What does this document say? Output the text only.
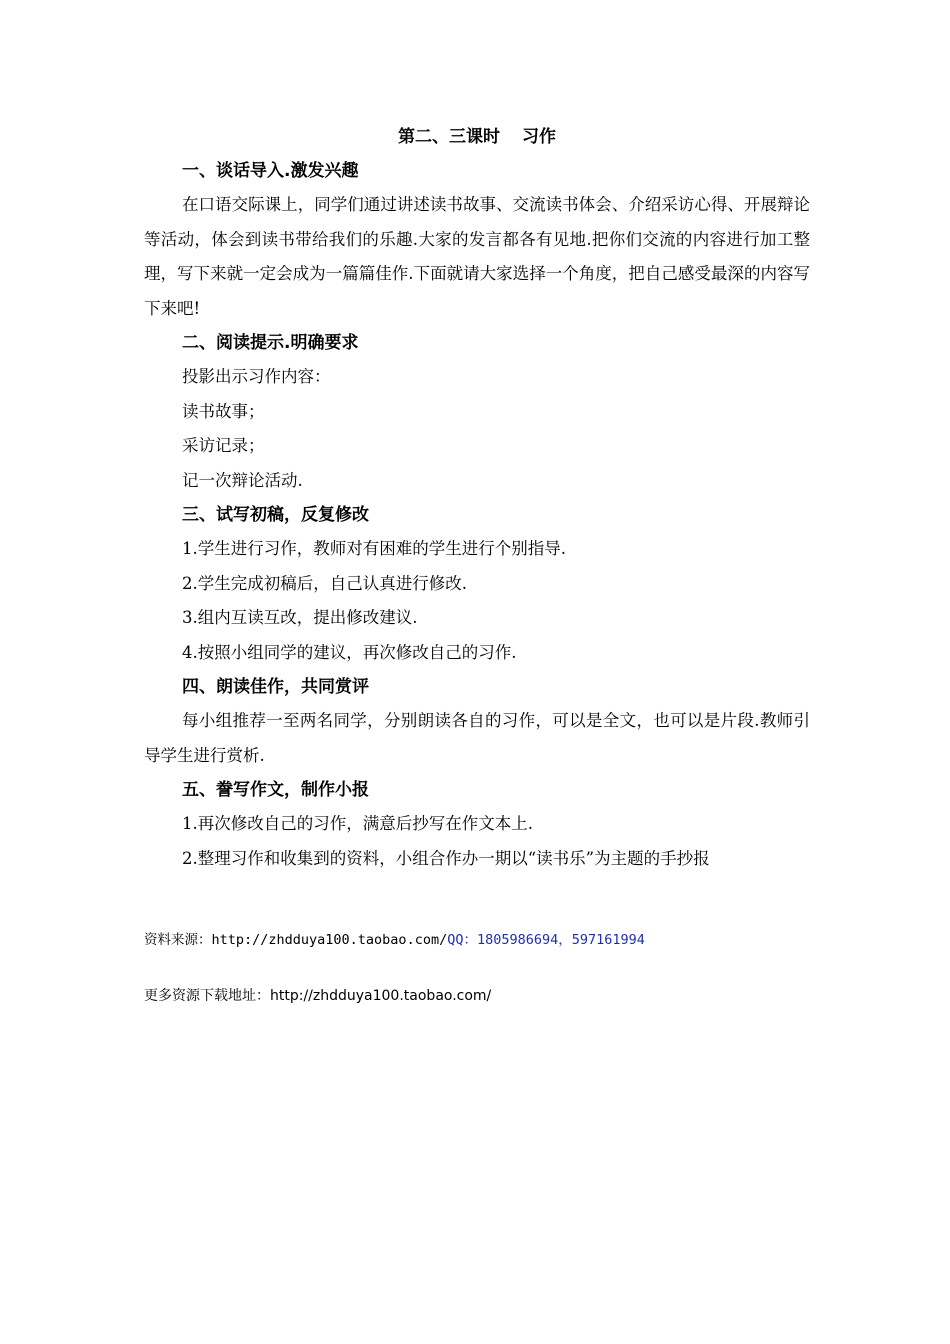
第二、三课时 习作
一、谈话导入.激发兴趣

在口语交际课上，同学们通过讲述读书故事、交流读书体会、介绍采访心得、开展辩论等活动，体会到读书带给我们的乐趣.大家的发言都各有见地.把你们交流的内容进行加工整理，写下来就一定会成为一篇篇佳作.下面就请大家选择一个角度，把自己感受最深的内容写下来吧!

二、阅读提示.明确要求
投影出示习作内容：
读书故事；
采访记录；
记一次辩论活动.
三、试写初稿，反复修改
1.学生进行习作，教师对有困难的学生进行个别指导.
2.学生完成初稿后，自己认真进行修改.
3.组内互读互改，提出修改建议.
4.按照小组同学的建议，再次修改自己的习作.
四、朗读佳作，共同赏评

每小组推荐一至两名同学，分别朗读各自的习作，可以是全文，也可以是片段.教师引导学生进行赏析.

五、誊写作文，制作小报
1.再次修改自己的习作，满意后抄写在作文本上.
2.整理习作和收集到的资料，小组合作办一期以“读书乐”为主题的手抄报
资料来源：http://zhdduya100.taobao.com/QQ：1805986694，597161994
更多资源下载地址：http://zhdduya100.taobao.com/
